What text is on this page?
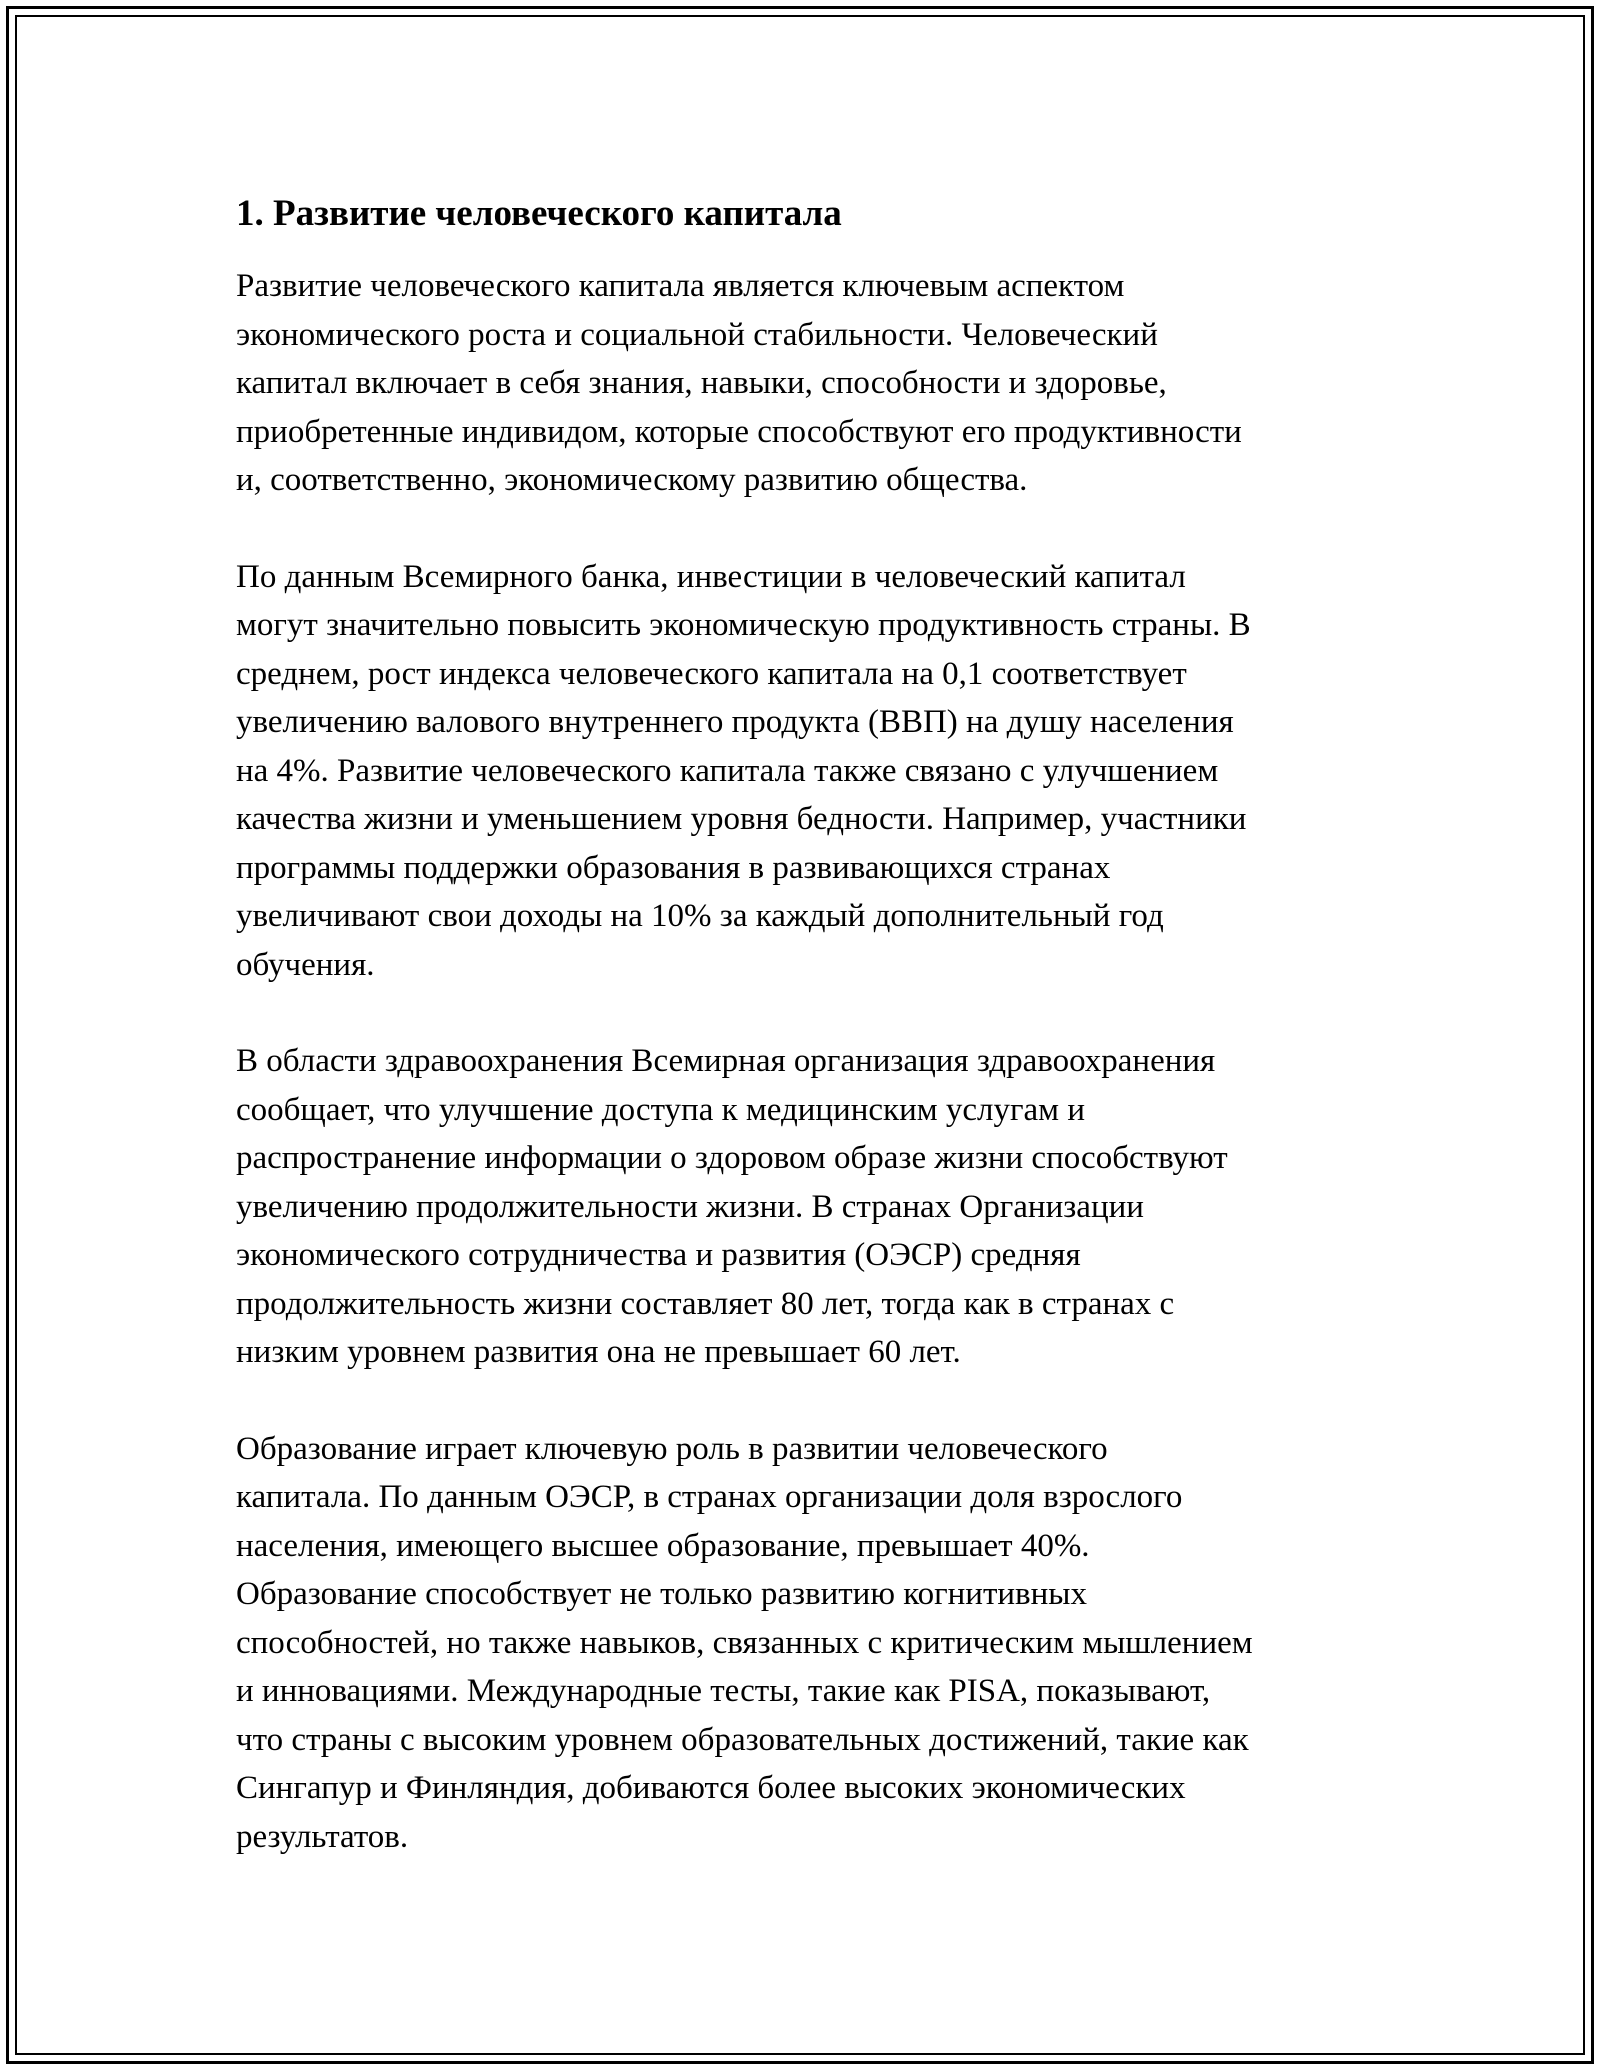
1. Развитие человеческого капитала

Развитие человеческого капитала является ключевым аспектом
экономического роста и социальной стабильности. Человеческий
капитал включает в себя знания, навыки, способности и здоровье,
приобретенные индивидом, которые способствуют его продуктивности
и, соответственно, экономическому развитию общества.

По данным Всемирного банка, инвестиции в человеческий капитал
могут значительно повысить экономическую продуктивность страны. В
среднем, рост индекса человеческого капитала на 0,1 соответствует
увеличению валового внутреннего продукта (ВВП) на душу населения
на 4%. Развитие человеческого капитала также связано с улучшением
качества жизни и уменьшением уровня бедности. Например, участники
программы поддержки образования в развивающихся странах
увеличивают свои доходы на 10% за каждый дополнительный год
обучения.

В области здравоохранения Всемирная организация здравоохранения
сообщает, что улучшение доступа к медицинским услугам и
распространение информации о здоровом образе жизни способствуют
увеличению продолжительности жизни. В странах Организации
экономического сотрудничества и развития (ОЭСР) средняя
продолжительность жизни составляет 80 лет, тогда как в странах с
низким уровнем развития она не превышает 60 лет.

Образование играет ключевую роль в развитии человеческого
капитала. По данным ОЭСР, в странах организации доля взрослого
населения, имеющего высшее образование, превышает 40%.
Образование способствует не только развитию когнитивных
способностей, но также навыков, связанных с критическим мышлением
и инновациями. Международные тесты, такие как PISA, показывают,
что страны с высоким уровнем образовательных достижений, такие как
Сингапур и Финляндия, добиваются более высоких экономических
результатов.
